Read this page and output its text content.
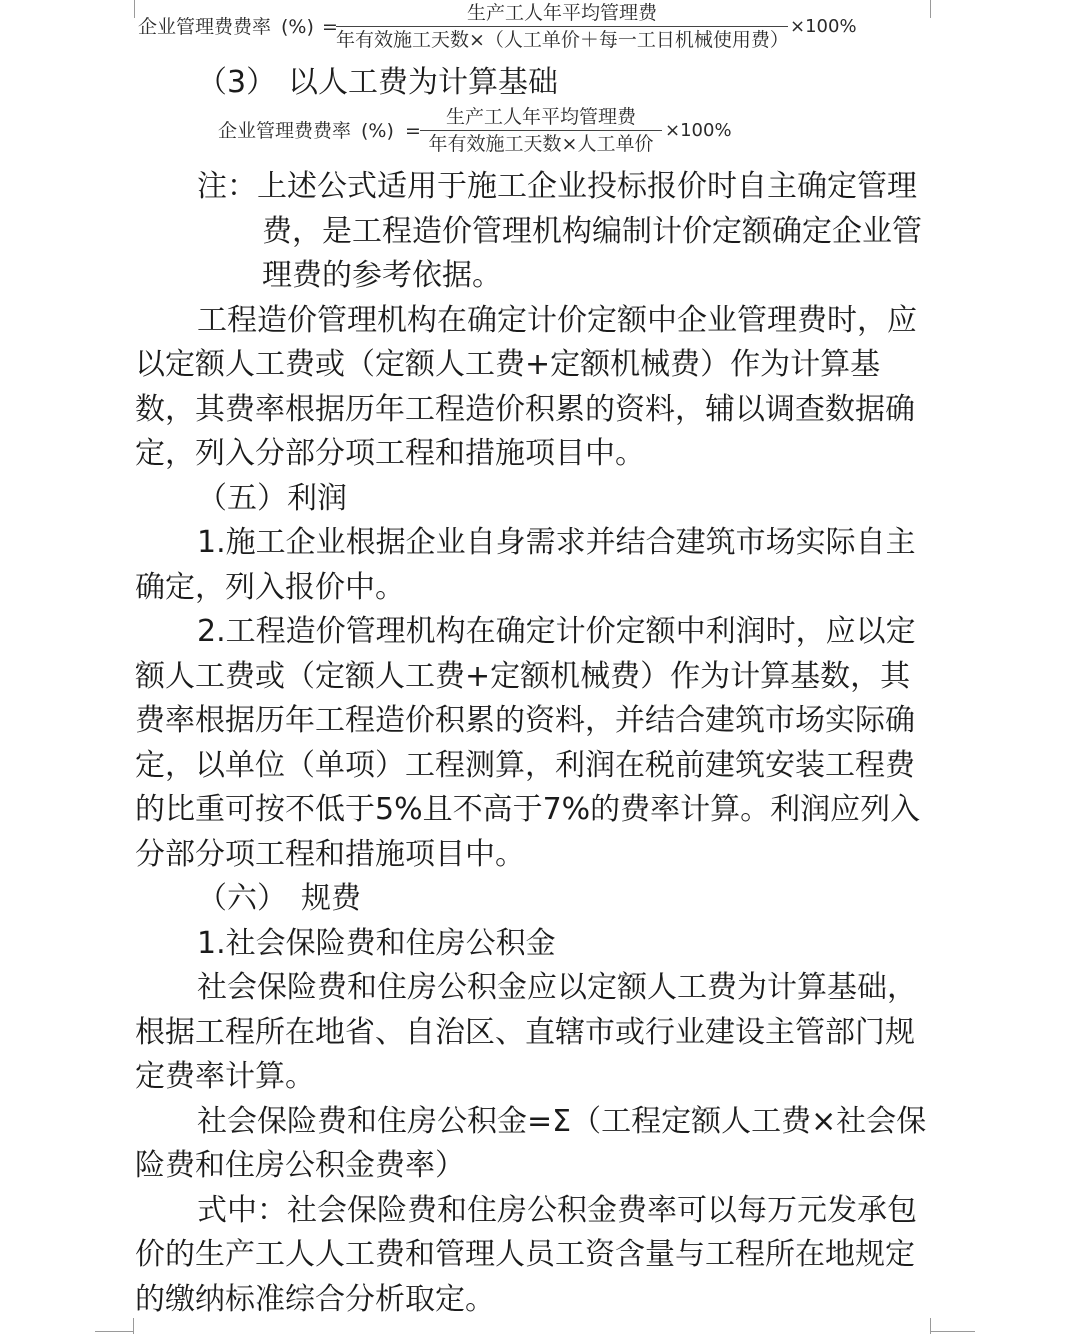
企业管理费费率 (%) =
生产工人年平均管理费
年有效施工天数×（人工单价＋每一工日机械使用费）
×100%
（3） 以人工费为计算基础
企业管理费费率 (%) =
生产工人年平均管理费
年有效施工天数×人工单价
×100%
注：上述公式适用于施工企业投标报价时自主确定管理
费，是工程造价管理机构编制计价定额确定企业管
理费的参考依据。
工程造价管理机构在确定计价定额中企业管理费时，应
以定额人工费或（定额人工费+定额机械费）作为计算基
数，其费率根据历年工程造价积累的资料，辅以调查数据确
定，列入分部分项工程和措施项目中。
（五）利润
1.施工企业根据企业自身需求并结合建筑市场实际自主
确定，列入报价中。
2.工程造价管理机构在确定计价定额中利润时，应以定
额人工费或（定额人工费+定额机械费）作为计算基数，其
费率根据历年工程造价积累的资料，并结合建筑市场实际确
定，以单位（单项）工程测算，利润在税前建筑安装工程费
的比重可按不低于5%且不高于7%的费率计算。利润应列入
分部分项工程和措施项目中。
（六） 规费
1.社会保险费和住房公积金
社会保险费和住房公积金应以定额人工费为计算基础，
根据工程所在地省、自治区、直辖市或行业建设主管部门规
定费率计算。
社会保险费和住房公积金=Σ（工程定额人工费×社会保
险费和住房公积金费率）
式中：社会保险费和住房公积金费率可以每万元发承包
价的生产工人人工费和管理人员工资含量与工程所在地规定
的缴纳标准综合分析取定。
